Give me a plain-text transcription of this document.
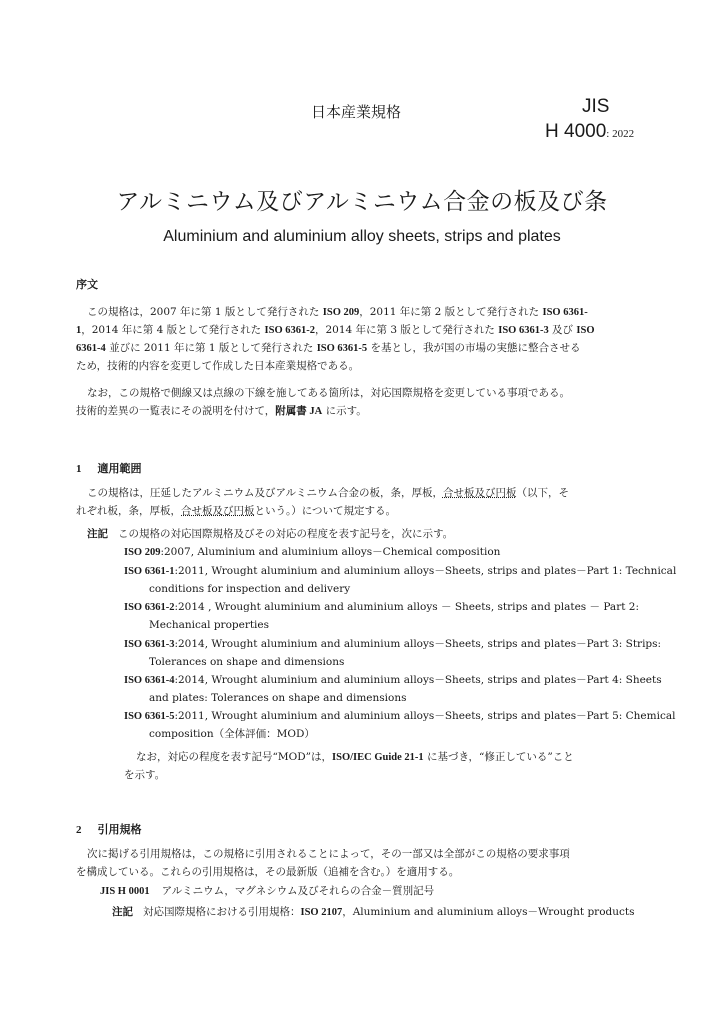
日本産業規格	JIS
H 4000: 2022
アルミニウム及びアルミニウム合金の板及び条
Aluminium and aluminium alloy sheets, strips and plates
序文
この規格は，2007 年に第 1 版として発行された ISO 209，2011 年に第 2 版として発行された ISO 6361-
1，2014 年に第 4 版として発行された ISO 6361-2，2014 年に第 3 版として発行された ISO 6361-3 及び ISO
6361-4 並びに 2011 年に第 1 版として発行された ISO 6361-5 を基とし，我が国の市場の実態に整合させる
ため，技術的内容を変更して作成した日本産業規格である。
なお，この規格で側線又は点線の下線を施してある箇所は，対応国際規格を変更している事項である。
技術的差異の一覧表にその説明を付けて，附属書 JA に示す。
1 適用範囲
この規格は，圧延したアルミニウム及びアルミニウム合金の板，条，厚板，合せ板及び円板（以下，そ
れぞれ板，条，厚板，合せ板及び円板という。）について規定する。
注記 この規格の対応国際規格及びその対応の程度を表す記号を，次に示す。
ISO 209:2007, Aluminium and aluminium alloys－Chemical composition
ISO 6361-1:2011, Wrought aluminium and aluminium alloys－Sheets, strips and plates－Part 1: Technical
conditions for inspection and delivery
ISO 6361-2:2014 , Wrought aluminium and aluminium alloys － Sheets, strips and plates － Part 2:
Mechanical properties
ISO 6361-3:2014, Wrought aluminium and aluminium alloys－Sheets, strips and plates－Part 3: Strips:
Tolerances on shape and dimensions
ISO 6361-4:2014, Wrought aluminium and aluminium alloys－Sheets, strips and plates－Part 4: Sheets
and plates: Tolerances on shape and dimensions
ISO 6361-5:2011, Wrought aluminium and aluminium alloys－Sheets, strips and plates－Part 5: Chemical
composition（全体評価：MOD）
なお，対応の程度を表す記号“MOD”は，ISO/IEC Guide 21-1 に基づき，“修正している”こと
を示す。
2 引用規格
次に掲げる引用規格は，この規格に引用されることによって，その一部又は全部がこの規格の要求事項
を構成している。これらの引用規格は，その最新版（追補を含む。）を適用する。
JIS H 0001 アルミニウム，マグネシウム及びそれらの合金－質別記号
注記 対応国際規格における引用規格：ISO 2107，Aluminium and aluminium alloys－Wrought products
